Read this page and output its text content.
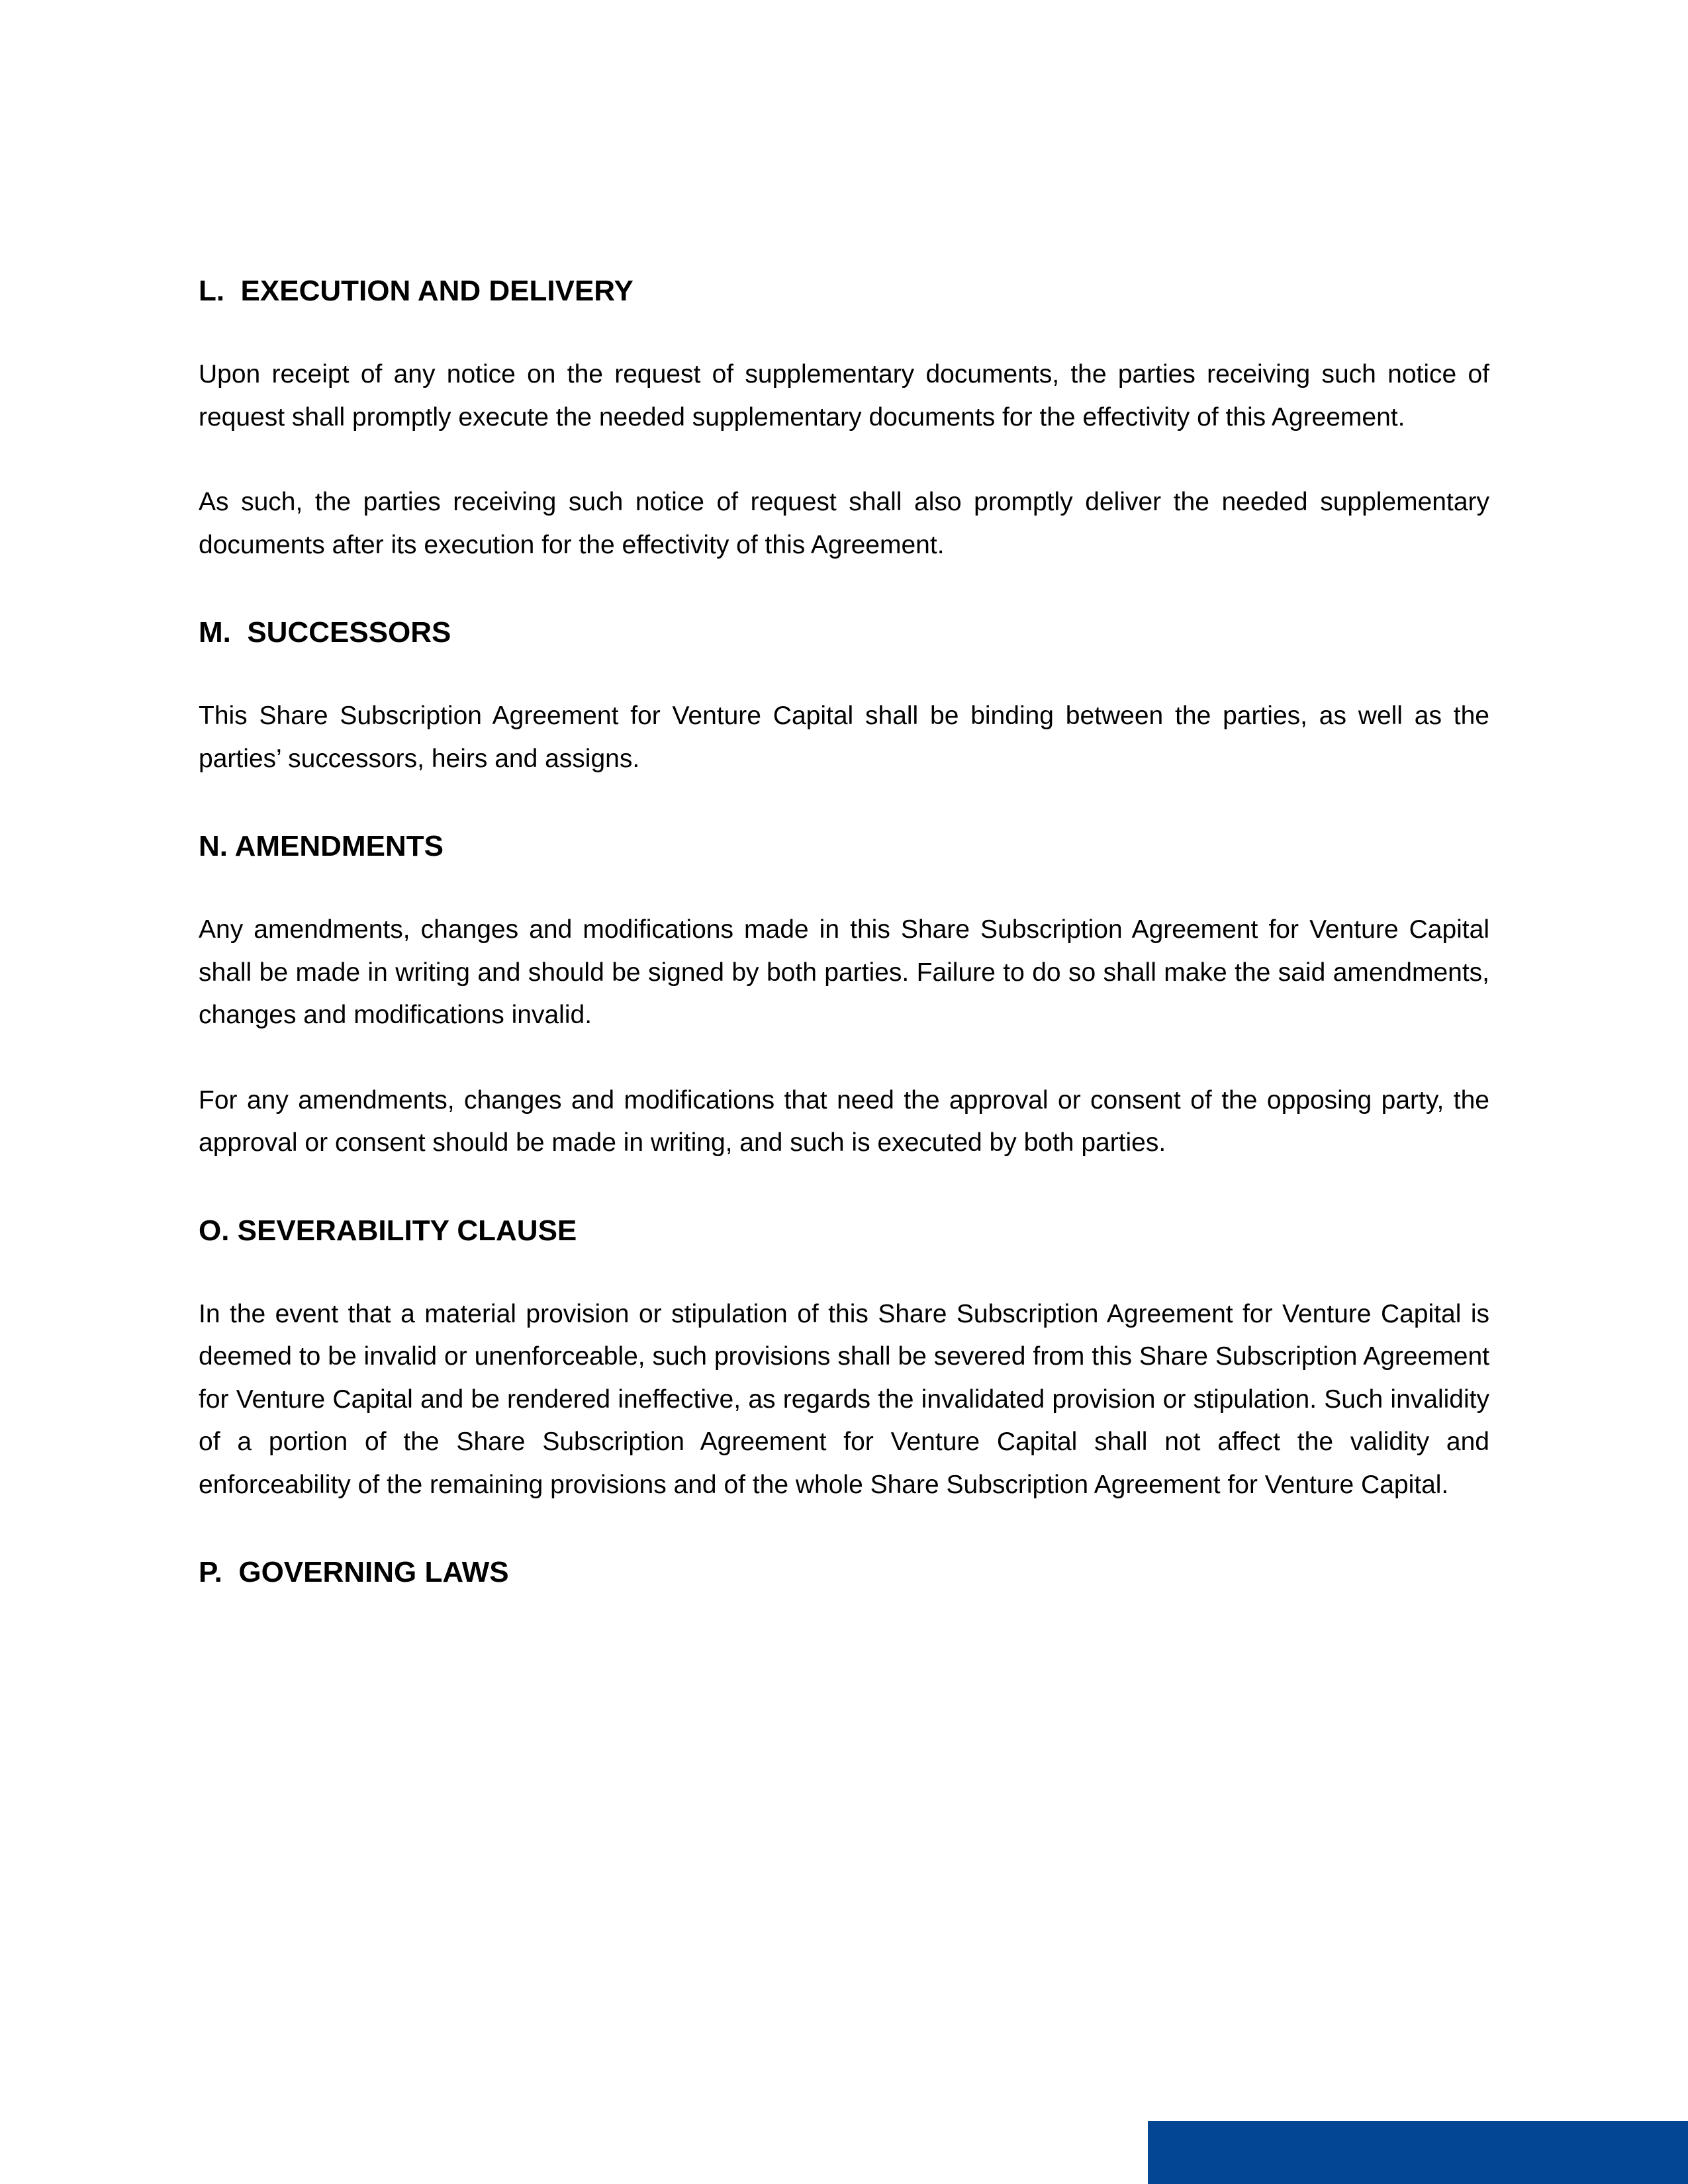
L.  EXECUTION AND DELIVERY

Upon receipt of any notice on the request of supplementary documents, the parties receiving such notice of request shall promptly execute the needed supplementary documents for the effectivity of this Agreement.

As such, the parties receiving such notice of request shall also promptly deliver the needed supplementary documents after its execution for the effectivity of this Agreement.

M.  SUCCESSORS

This Share Subscription Agreement for Venture Capital shall be binding between the parties, as well as the parties’ successors, heirs and assigns.

N. AMENDMENTS

Any amendments, changes and modifications made in this Share Subscription Agreement for Venture Capital shall be made in writing and should be signed by both parties. Failure to do so shall make the said amendments, changes and modifications invalid.

For any amendments, changes and modifications that need the approval or consent of the opposing party, the approval or consent should be made in writing, and such is executed by both parties.

O. SEVERABILITY CLAUSE

In the event that a material provision or stipulation of this Share Subscription Agreement for Venture Capital is deemed to be invalid or unenforceable, such provisions shall be severed from this Share Subscription Agreement for Venture Capital and be rendered ineffective, as regards the invalidated provision or stipulation. Such invalidity of a portion of the Share Subscription Agreement for Venture Capital shall not affect the validity and enforceability of the remaining provisions and of the whole Share Subscription Agreement for Venture Capital.

P.  GOVERNING LAWS
